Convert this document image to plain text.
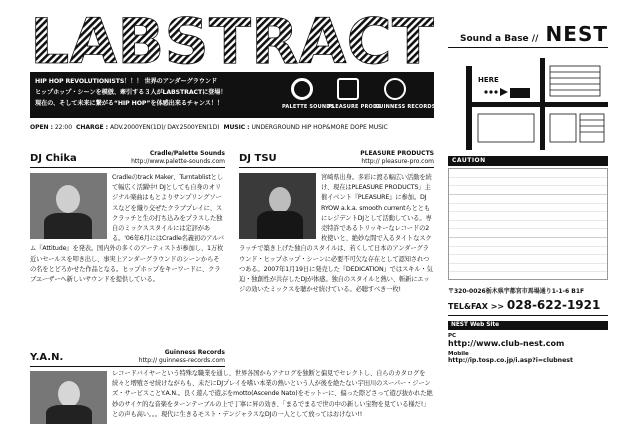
LABSTRACT
HIP HOP REVOLUTIONISTS！！！ 世界のアンダーグラウンド
ヒップホップ・シーンを模倣、牽引する３人がLABSTRACTに登場！
現在の、そして未来に繋がる“HIP HOP”を体感出来るチャンス！！	PALETTE SOUNDS
PLEASURE PRODS
GUINNESS RECORDS
OPEN : 22:00 CHARGE : ADV.2000YEN(1D)/ DAY.2500YEN(1D) MUSIC : UNDERGROUND HIP HOP&MORE DOPE MUSIC
DJ Chika	Cradle/Palette Sounds
http://www.palette-sounds.com
Cradleのtrack Maker、Turntablistとして幅広く活躍中! DJとしても自身のオリジナル楽曲はもとよりサンプリングソースなどを織り交ぜたクラブプレイに、スクラッチと生の打ち込みをプラスした独自のミックススタイルには定評がある。'06年6月にはCradle名義初のアルバム『Attitude』を発表。国内外の多くのアーティストが参加し、1万枚近いセールスを叩き出し、事実上アンダーグラウンドのシーンからその名をとどろかせた作品となる。ヒップホップをキーワードに、クラブユーザーへ新しいサウンドを提供している。
DJ TSU	PLEASURE PRODUCTS
http:// pleasure-pro.com
宮崎県出身。多彩に渡る幅広い活動を続け、現在はPLEASURE PRODUCTS」主催イベント『PLEASURE』に参加。DJ RYOW a.k.a. smooth currentらとともにレジデントDJとして活動している。専売特許であるトリッキーなレコードの2枚使いと、絶妙な間で入るタイトなスクラッチで築き上げた独自のスタイルは、若くして日本のアンダーグラウンド・ヒップホップ・シーンに必要不可欠な存在として認知されつつある。2007年1月19日に発売した『DEDICATION』ではスキル・気迫・独創性が共存したDJが体感。独自のスタイルと熱い、斬新にエッジの効いたミックスを聴かせ続けている。必聴すべき一枚!
Y.A.N.	Guinness Records
http:// guinness-records.com
レコードバイヤーという特殊な職業を通し、世界各国からアナログを独断と偏見でセレクトし、自らのカタログを続々と増殖させ続けながらも、未だにDJプレイを嗜い本業の熱いという人が後を絶たない宇田川のスーパー・ジーンズ・サービスことY.A.N.。良く遊んで遊ぶをmotto(Ascende Nato)をモットーに、偏った際どさって遊び抜かれた絶妙のサイケ的な音楽をターンテーブルの上で丁寧に昇の効き、「まるでまるで世の中の新しい宝物を見ている様だ!」との声も高い。。。現代に生きるモスト・デンジャラスなDJの一人として放ってはおけない!!
Sound a Base // NEST
HERE
CAUTION
〒320-0026栃木県宇都宮市馬場通り1-1-6 B1F
TEL&FAX >> 028-622-1921
NEST Web Site
PC
http://www.club-nest.com
Mobile
http://ip.tosp.co.jp/i.asp?i=clubnest
